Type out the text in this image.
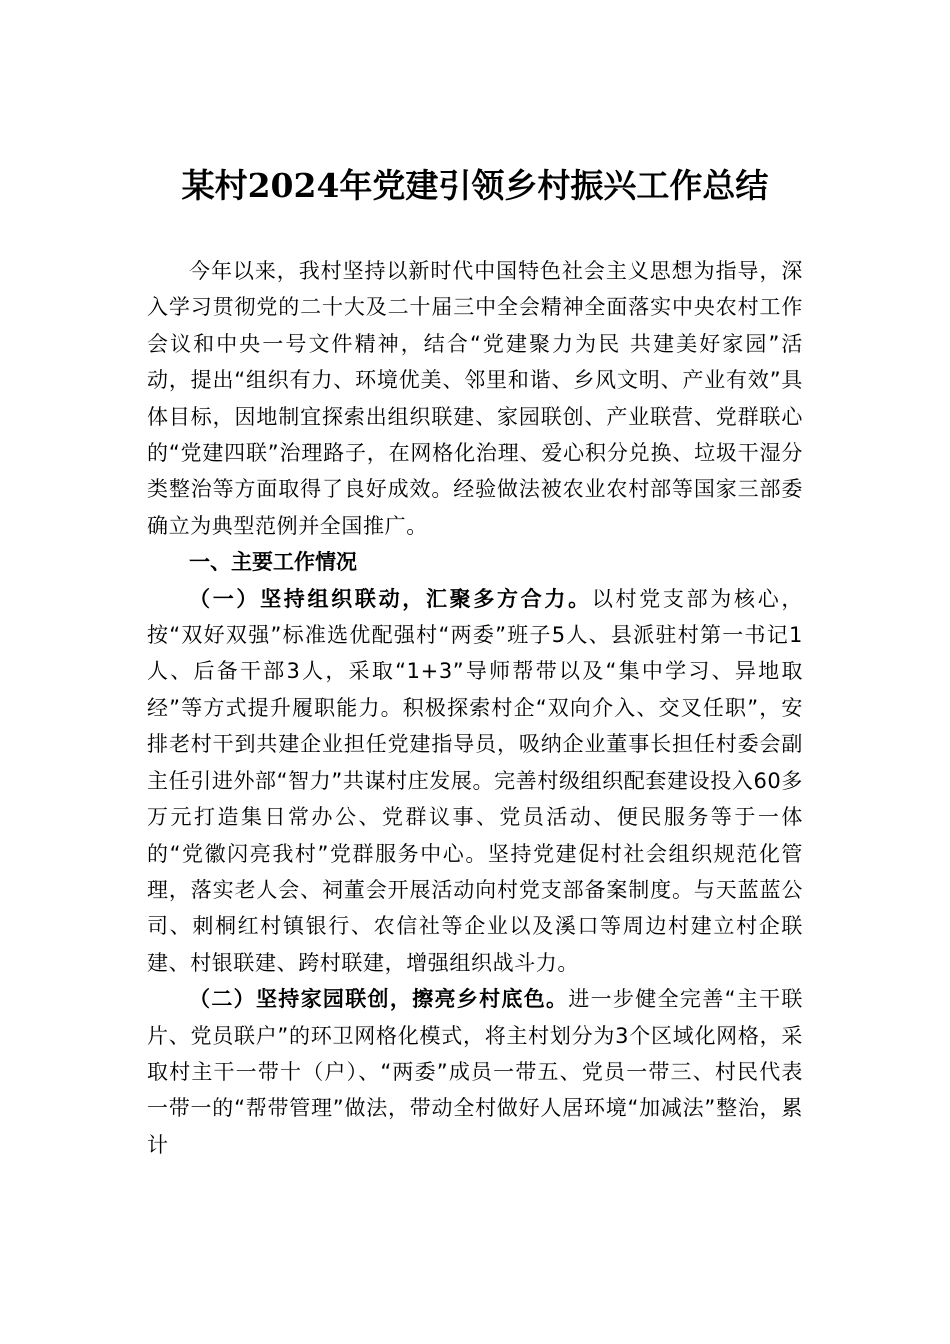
某村2024年党建引领乡村振兴工作总结

今年以来，我村坚持以新时代中国特色社会主义思想为指导，深入学习贯彻党的二十大及二十届三中全会精神全面落实中央农村工作会议和中央一号文件精神，结合“党建聚力为民 共建美好家园”活动，提出“组织有力、环境优美、邻里和谐、乡风文明、产业有效”具体目标，因地制宜探索出组织联建、家园联创、产业联营、党群联心的“党建四联”治理路子，在网格化治理、爱心积分兑换、垃圾干湿分类整治等方面取得了良好成效。经验做法被农业农村部等国家三部委确立为典型范例并全国推广。

一、主要工作情况

（一）坚持组织联动，汇聚多方合力。以村党支部为核心，按“双好双强”标准选优配强村“两委”班子5人、县派驻村第一书记1人、后备干部3人，采取“1+3”导师帮带以及“集中学习、异地取经”等方式提升履职能力。积极探索村企“双向介入、交叉任职”，安排老村干到共建企业担任党建指导员，吸纳企业董事长担任村委会副主任引进外部“智力”共谋村庄发展。完善村级组织配套建设投入60多万元打造集日常办公、党群议事、党员活动、便民服务等于一体的“党徽闪亮我村”党群服务中心。坚持党建促村社会组织规范化管理，落实老人会、祠董会开展活动向村党支部备案制度。与天蓝蓝公司、刺桐红村镇银行、农信社等企业以及溪口等周边村建立村企联建、村银联建、跨村联建，增强组织战斗力。

（二）坚持家园联创，擦亮乡村底色。进一步健全完善“主干联片、党员联户”的环卫网格化模式，将主村划分为3个区域化网格，采取村主干一带十（户）、“两委”成员一带五、党员一带三、村民代表一带一的“帮带管理”做法，带动全村做好人居环境“加减法”整治，累计
